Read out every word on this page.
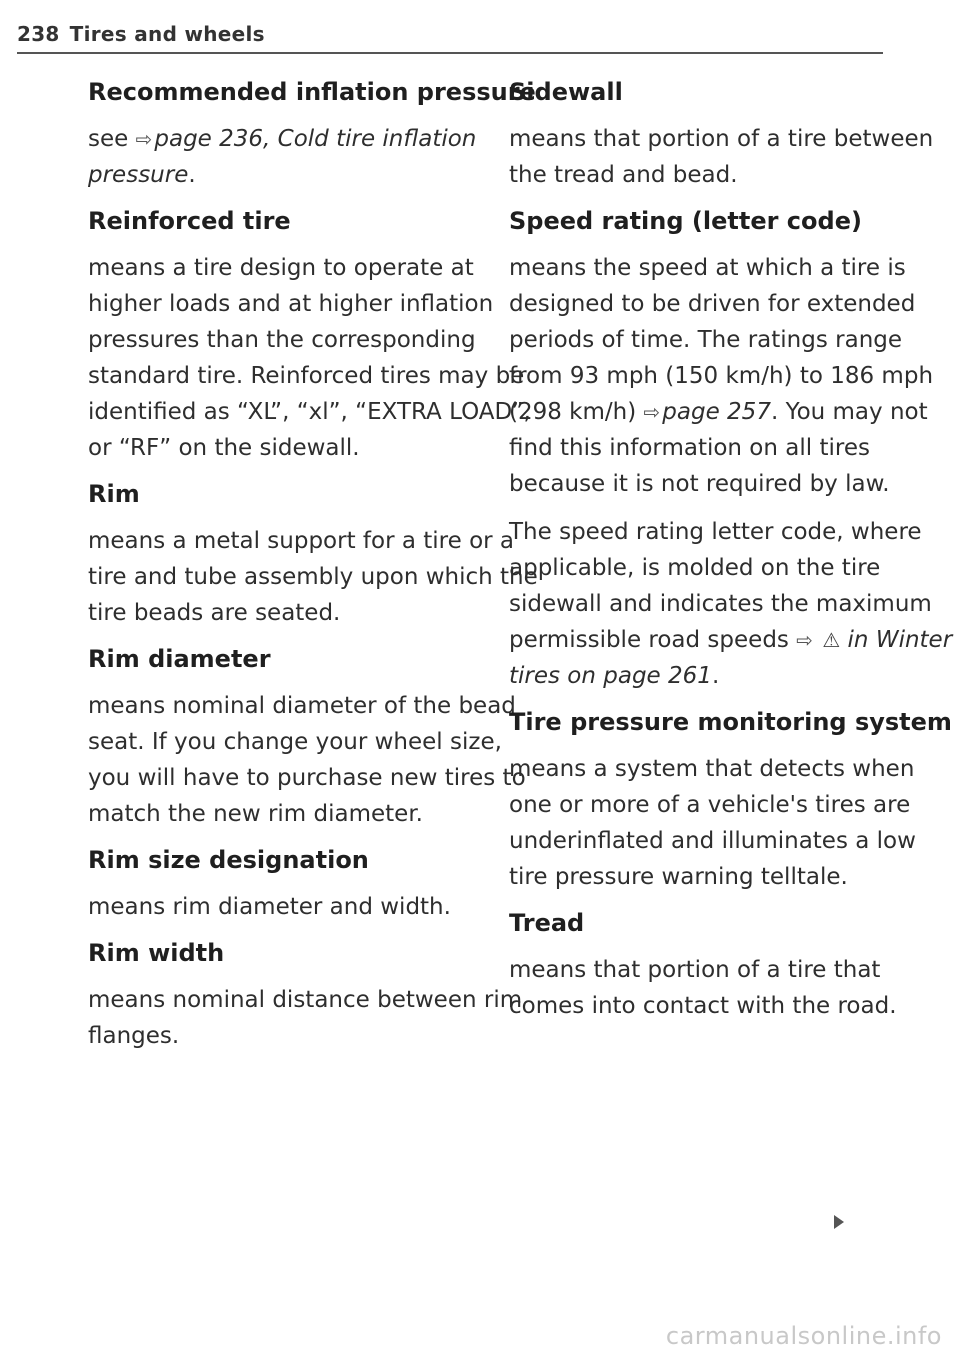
238 Tires and wheels

Recommended inflation pressure

see ⇨page 236, Cold tire inflation pressure.

Reinforced tire

means a tire design to operate at higher loads and at higher inflation pressures than the corresponding standard tire. Reinforced tires may be identified as “XL”, “xl”, “EXTRA LOAD”, or “RF” on the sidewall.

Rim

means a metal support for a tire or a tire and tube assembly upon which the tire beads are seated.

Rim diameter

means nominal diameter of the bead seat. If you change your wheel size, you will have to purchase new tires to match the new rim diameter.

Rim size designation

means rim diameter and width.

Rim width

means nominal distance between rim flanges.

Sidewall

means that portion of a tire between the tread and bead.

Speed rating (letter code)

means the speed at which a tire is designed to be driven for extended periods of time. The ratings range from 93 mph (150 km/h) to 186 mph (298 km/h) ⇨page 257. You may not find this information on all tires because it is not required by law.

The speed rating letter code, where applicable, is molded on the tire sidewall and indicates the maximum permissible road speeds ⇨ ⚠ in Winter tires on page 261.

Tire pressure monitoring system

means a system that detects when one or more of a vehicle's tires are underinflated and illuminates a low tire pressure warning telltale.

Tread

means that portion of a tire that comes into contact with the road.

carmanualsonline.info
